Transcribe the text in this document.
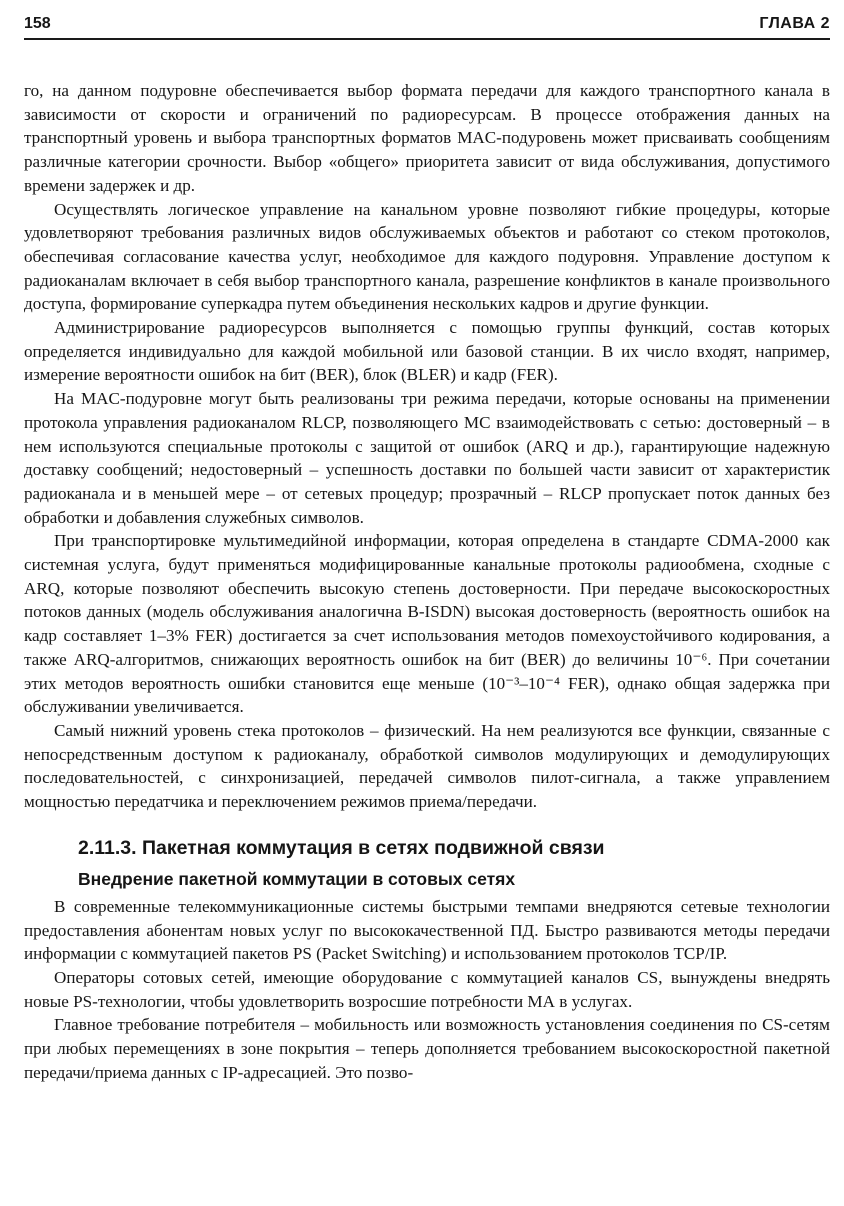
158	ГЛАВА 2

го, на данном подуровне обеспечивается выбор формата передачи для каждого транспортного канала в зависимости от скорости и ограничений по радиоресурсам. В процессе отображения данных на транспортный уровень и выбора транспортных форматов MAC-подуровень может присваивать сообщениям различные категории срочности. Выбор «общего» приоритета зависит от вида обслуживания, допустимого времени задержек и др.

Осуществлять логическое управление на канальном уровне позволяют гибкие процедуры, которые удовлетворяют требования различных видов обслуживаемых объектов и работают со стеком протоколов, обеспечивая согласование качества услуг, необходимое для каждого подуровня. Управление доступом к радиоканалам включает в себя выбор транспортного канала, разрешение конфликтов в канале произвольного доступа, формирование суперкадра путем объединения нескольких кадров и другие функции.

Администрирование радиоресурсов выполняется с помощью группы функций, состав которых определяется индивидуально для каждой мобильной или базовой станции. В их число входят, например, измерение вероятности ошибок на бит (BER), блок (BLER) и кадр (FER).

На MAC-подуровне могут быть реализованы три режима передачи, которые основаны на применении протокола управления радиоканалом RLCP, позволяющего МС взаимодействовать с сетью: достоверный – в нем используются специальные протоколы с защитой от ошибок (ARQ и др.), гарантирующие надежную доставку сообщений; недостоверный – успешность доставки по большей части зависит от характеристик радиоканала и в меньшей мере – от сетевых процедур; прозрачный – RLCP пропускает поток данных без обработки и добавления служебных символов.

При транспортировке мультимедийной информации, которая определена в стандарте CDMA-2000 как системная услуга, будут применяться модифицированные канальные протоколы радиообмена, сходные с ARQ, которые позволяют обеспечить высокую степень достоверности. При передаче высокоскоростных потоков данных (модель обслуживания аналогична B-ISDN) высокая достоверность (вероятность ошибок на кадр составляет 1–3% FER) достигается за счет использования методов помехоустойчивого кодирования, а также ARQ-алгоритмов, снижающих вероятность ошибок на бит (BER) до величины 10⁻⁶. При сочетании этих методов вероятность ошибки становится еще меньше (10⁻³–10⁻⁴ FER), однако общая задержка при обслуживании увеличивается.

Самый нижний уровень стека протоколов – физический. На нем реализуются все функции, связанные с непосредственным доступом к радиоканалу, обработкой символов модулирующих и демодулирующих последовательностей, с синхронизацией, передачей символов пилот-сигнала, а также управлением мощностью передатчика и переключением режимов приема/передачи.

2.11.3. Пакетная коммутация в сетях подвижной связи
Внедрение пакетной коммутации в сотовых сетях

В современные телекоммуникационные системы быстрыми темпами внедряются сетевые технологии предоставления абонентам новых услуг по высококачественной ПД. Быстро развиваются методы передачи информации с коммутацией пакетов PS (Packet Switching) и использованием протоколов TCP/IP.

Операторы сотовых сетей, имеющие оборудование с коммутацией каналов CS, вынуждены внедрять новые PS-технологии, чтобы удовлетворить возросшие потребности МА в услугах.

Главное требование потребителя – мобильность или возможность установления соединения по CS-сетям при любых перемещениях в зоне покрытия – теперь дополняется требованием высокоскоростной пакетной передачи/приема данных с IP-адресацией. Это позво-
